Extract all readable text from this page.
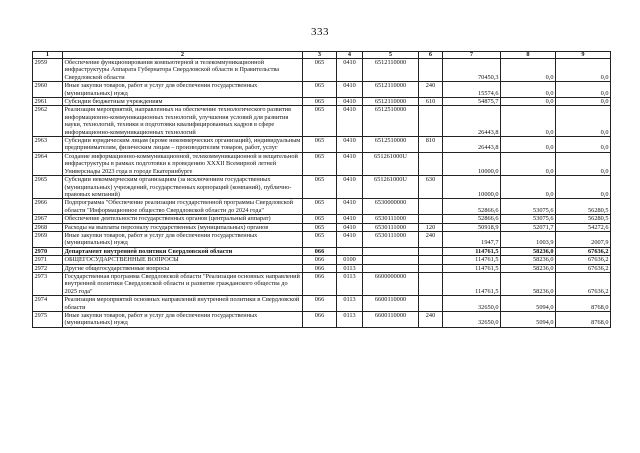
333
1	2	3	4	5	6	7	8	9
2959	Обеспечение функционирования компьютерной и телекоммуникационной инфраструктуры Аппарата Губернатора Свердловской области и Правительства Свердловской области	065	0410	6512110000		70450,3	0,0	0,0
2960	Иные закупки товаров, работ и услуг для обеспечения государственных (муниципальных) нужд	065	0410	6512110000	240	15574,6	0,0	0,0
2961	Субсидии бюджетным учреждениям	065	0410	6512110000	610	54875,7	0,0	0,0
2962	Реализация мероприятий, направленных на обеспечение технологического развития информационно-коммуникационных технологий, улучшения условий для развития науки, технологий, техники и подготовки квалифицированных кадров в сфере информационно-коммуникационных технологий	065	0410	6512510000		26443,8	0,0	0,0
2963	Субсидии юридическим лицам (кроме некоммерческих организаций), индивидуальным предпринимателям, физическим лицам – производителям товаров, работ, услуг	065	0410	6512510000	810	26443,8	0,0	0,0
2964	Создание информационно-коммуникационной, телекоммуникационной и вещательной инфраструктуры в рамках подготовки к проведению XXXII Всемирной летней Универсиады 2023 года в городе Екатеринбурге	065	0410	651261000U		10000,0	0,0	0,0
2965	Субсидии некоммерческим организациям (за исключением государственных (муниципальных) учреждений, государственных корпораций (компаний), публично-правовых компаний)	065	0410	651261000U	630	10000,0	0,0	0,0
2966	Подпрограмма "Обеспечение реализации государственной программы Свердловской области "Информационное общество Свердловской области до 2024 года"	065	0410	6530000000		52866,6	53075,6	56280,5
2967	Обеспечение деятельности государственных органов (центральный аппарат)	065	0410	6530111000		52866,6	53075,6	56280,5
2968	Расходы на выплаты персоналу государственных (муниципальных) органов	065	0410	6530111000	120	50918,9	52071,7	54272,6
2969	Иные закупки товаров, работ и услуг для обеспечения государственных (муниципальных) нужд	065	0410	6530111000	240	1947,7	1003,9	2007,9
2970	Департамент внутренней политики Свердловской области	066				114761,5	58236,0	67636,2
2971	ОБЩЕГОСУДАРСТВЕННЫЕ ВОПРОСЫ	066	0100			114761,5	58236,0	67636,2
2972	Другие общегосударственные вопросы	066	0113			114761,5	58236,0	67636,2
2973	Государственная программа Свердловской области "Реализация основных направлений внутренней политики Свердловской области и развитие гражданского общества до 2025 года"	066	0113	6600000000		114761,5	58236,0	67636,2
2974	Реализация мероприятий основных направлений внутренней политики в Свердловской области	066	0113	6600110000		32650,0	5094,0	8768,0
2975	Иные закупки товаров, работ и услуг для обеспечения государственных (муниципальных) нужд	066	0113	6600110000	240	32650,0	5094,0	8768,0
